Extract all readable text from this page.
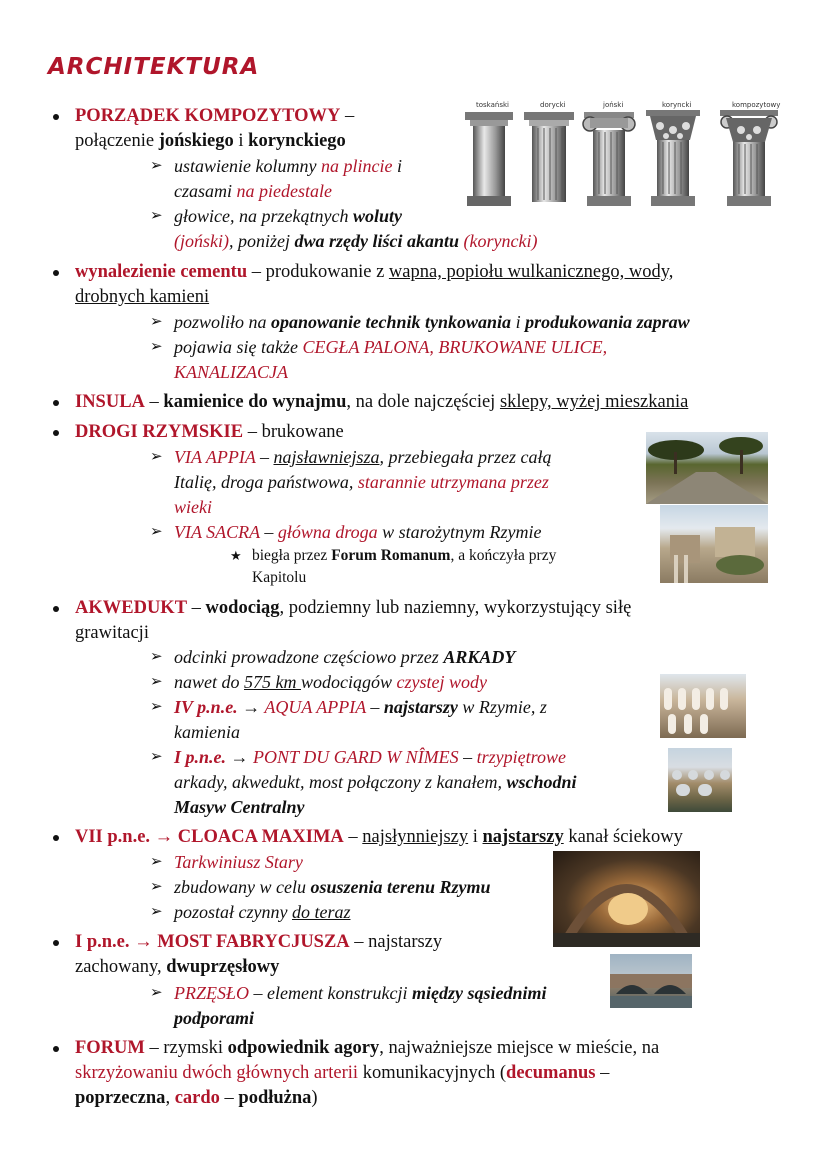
ARCHITEKTURA
toskański	dorycki	joński	koryncki	kompozytowy
PORZĄDEK KOMPOZYTOWY –
połączenie jońskiego i korynckiego
➢ ustawienie kolumny na plincie i
czasami na piedestale
➢ głowice, na przekątnych woluty
(joński), poniżej dwa rzędy liści akantu (koryncki)
wynalezienie cementu – produkowanie z wapna, popiołu wulkanicznego, wody,
drobnych kamieni
➢ pozwoliło na opanowanie technik tynkowania i produkowania zapraw
➢ pojawia się także CEGŁA PALONA, BRUKOWANE ULICE,
KANALIZACJA
INSULA – kamienice do wynajmu, na dole najczęściej sklepy, wyżej mieszkania
DROGI RZYMSKIE – brukowane
➢ VIA APPIA – najsławniejsza, przebiegała przez całą
Italię, droga państwowa, starannie utrzymana przez
wieki
➢ VIA SACRA – główna droga w starożytnym Rzymie
★ biegła przez Forum Romanum, a kończyła przy
Kapitolu
AKWEDUKT – wodociąg, podziemny lub naziemny, wykorzystujący siłę
grawitacji
➢ odcinki prowadzone częściowo przez ARKADY
➢ nawet do 575 km wodociągów czystej wody
➢ IV p.n.e. → AQUA APPIA – najstarszy w Rzymie, z
kamienia
➢ I p.n.e. → PONT DU GARD W NÎMES – trzypiętrowe
arkady, akwedukt, most połączony z kanałem, wschodni
Masyw Centralny
VII p.n.e. → CLOACA MAXIMA – najsłynniejszy i najstarszy kanał ściekowy
➢ Tarkwiniusz Stary
➢ zbudowany w celu osuszenia terenu Rzymu
➢ pozostał czynny do teraz
I p.n.e. → MOST FABRYCJUSZA – najstarszy
zachowany, dwuprzęsłowy
➢ PRZĘSŁO – element konstrukcji między sąsiednimi
podporami
FORUM – rzymski odpowiednik agory, najważniejsze miejsce w mieście, na
skrzyżowaniu dwóch głównych arterii komunikacyjnych (decumanus –
poprzeczna, cardo – podłużna)
